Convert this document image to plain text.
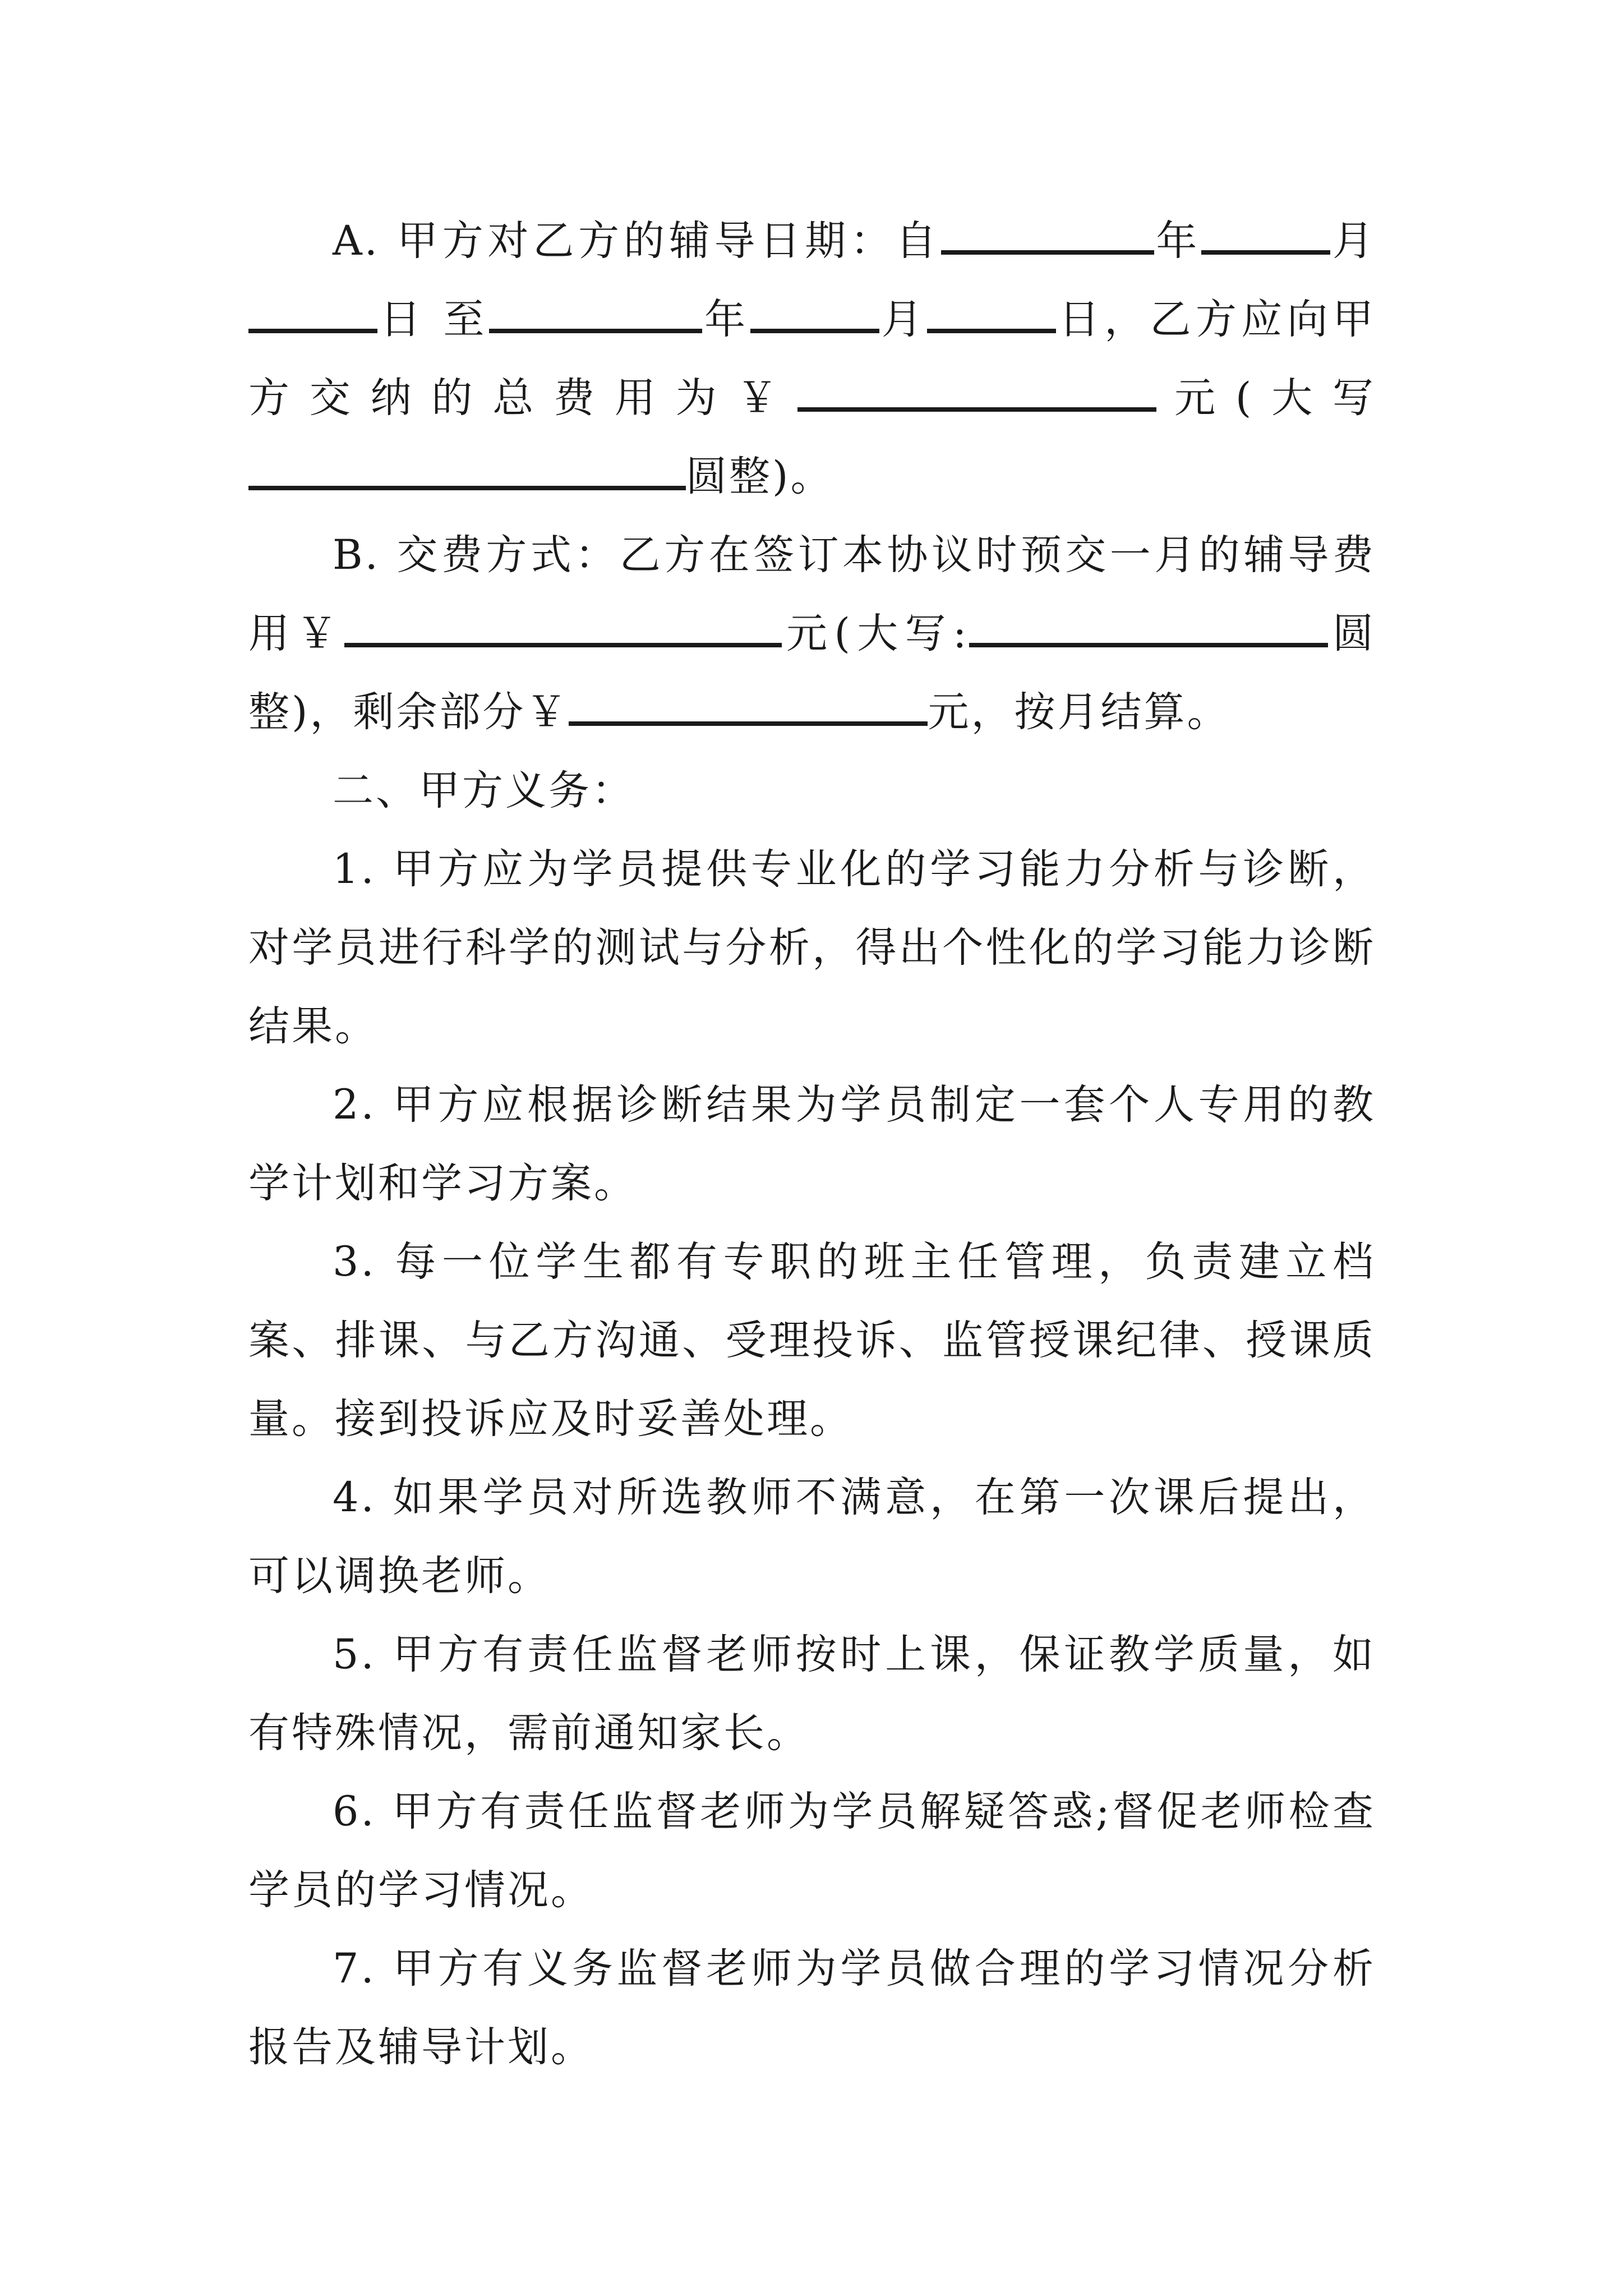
A. 甲方对乙方的辅导日期：自	年	月日 至	年	月	日，乙方应向甲方交纳的总费用为￥	元(大写圆整)。

B. 交费方式：乙方在签订本协议时预交一月的辅导费用￥	元(大写:	圆整)，剩余部分￥	元，按月结算。

二、甲方义务：

1. 甲方应为学员提供专业化的学习能力分析与诊断，对学员进行科学的测试与分析，得出个性化的学习能力诊断结果。

2. 甲方应根据诊断结果为学员制定一套个人专用的教学计划和学习方案。

3. 每一位学生都有专职的班主任管理，负责建立档案、排课、与乙方沟通、受理投诉、监管授课纪律、授课质量。接到投诉应及时妥善处理。

4. 如果学员对所选教师不满意，在第一次课后提出，可以调换老师。

5. 甲方有责任监督老师按时上课，保证教学质量，如有特殊情况，需前通知家长。

6. 甲方有责任监督老师为学员解疑答惑;督促老师检查学员的学习情况。

7. 甲方有义务监督老师为学员做合理的学习情况分析报告及辅导计划。
